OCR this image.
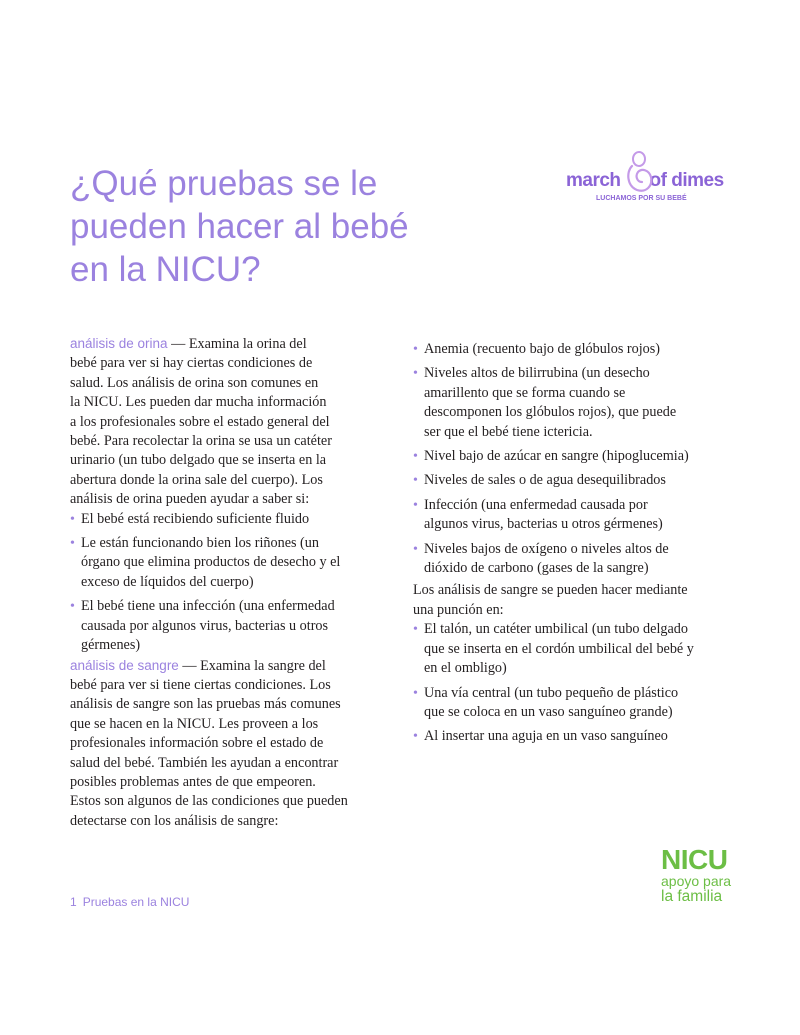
¿Qué pruebas se le
pueden hacer al bebé
en la NICU?
march of dimes
LUCHAMOS POR SU BEBÉ

análisis de orina — Examina la orina del
bebé para ver si hay ciertas condiciones de
salud. Los análisis de orina son comunes en
la NICU. Les pueden dar mucha información
a los profesionales sobre el estado general del
bebé. Para recolectar la orina se usa un catéter
urinario (un tubo delgado que se inserta en la
abertura donde la orina sale del cuerpo). Los
análisis de orina pueden ayudar a saber si:

• El bebé está recibiendo suficiente fluido
• Le están funcionando bien los riñones (un
órgano que elimina productos de desecho y el
exceso de líquidos del cuerpo)
• El bebé tiene una infección (una enfermedad
causada por algunos virus, bacterias u otros
gérmenes)

análisis de sangre — Examina la sangre del
bebé para ver si tiene ciertas condiciones. Los
análisis de sangre son las pruebas más comunes
que se hacen en la NICU. Les proveen a los
profesionales información sobre el estado de
salud del bebé. También les ayudan a encontrar
posibles problemas antes de que empeoren.
Estos son algunos de las condiciones que pueden
detectarse con los análisis de sangre:

• Anemia (recuento bajo de glóbulos rojos)
• Niveles altos de bilirrubina (un desecho
amarillento que se forma cuando se
descomponen los glóbulos rojos), que puede
ser que el bebé tiene ictericia.
• Nivel bajo de azúcar en sangre (hipoglucemia)
• Niveles de sales o de agua desequilibrados
• Infección (una enfermedad causada por
algunos virus, bacterias u otros gérmenes)
• Niveles bajos de oxígeno o niveles altos de
dióxido de carbono (gases de la sangre)

Los análisis de sangre se pueden hacer mediante
una punción en:

• El talón, un catéter umbilical (un tubo delgado
que se inserta en el cordón umbilical del bebé y
en el ombligo)
• Una vía central (un tubo pequeño de plástico
que se coloca en un vaso sanguíneo grande)
• Al insertar una aguja en un vaso sanguíneo
1 Pruebas en la NICU
NICU
apoyo para
la familia
